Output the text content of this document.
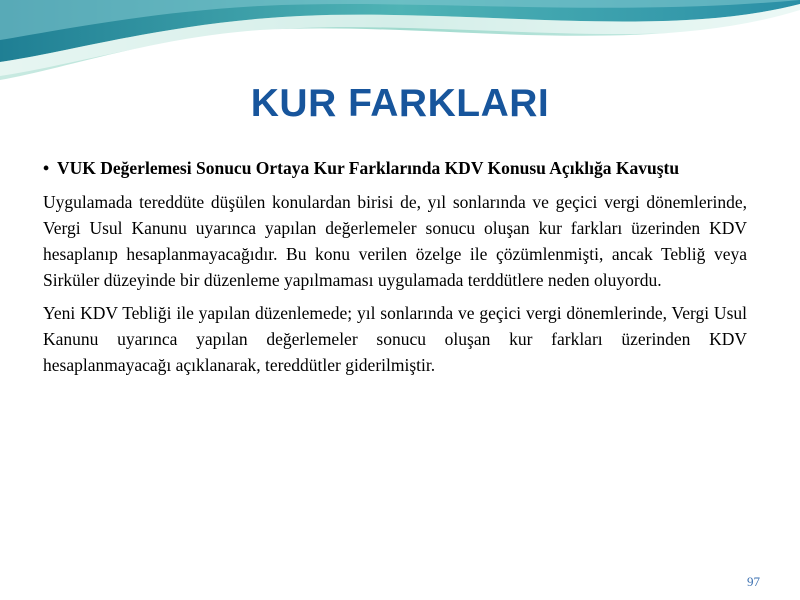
KUR FARKLARI

• VUK Değerlemesi Sonucu Ortaya Kur Farklarında KDV Konusu Açıklığa Kavuştu

Uygulamada tereddüte düşülen konulardan birisi de, yıl sonlarında ve geçici vergi dönemlerinde, Vergi Usul Kanunu uyarınca yapılan değerlemeler sonucu oluşan kur farkları üzerinden KDV hesaplanıp hesaplanmayacağıdır. Bu konu verilen özelge ile çözümlenmişti, ancak Tebliğ veya Sirküler düzeyinde bir düzenleme yapılmaması uygulamada terddütlere neden oluyordu.

Yeni KDV Tebliği ile yapılan düzenlemede; yıl sonlarında ve geçici vergi dönemlerinde, Vergi Usul Kanunu uyarınca yapılan değerlemeler sonucu oluşan kur farkları üzerinden KDV hesaplanmayacağı açıklanarak, tereddütler giderilmiştir.

97
